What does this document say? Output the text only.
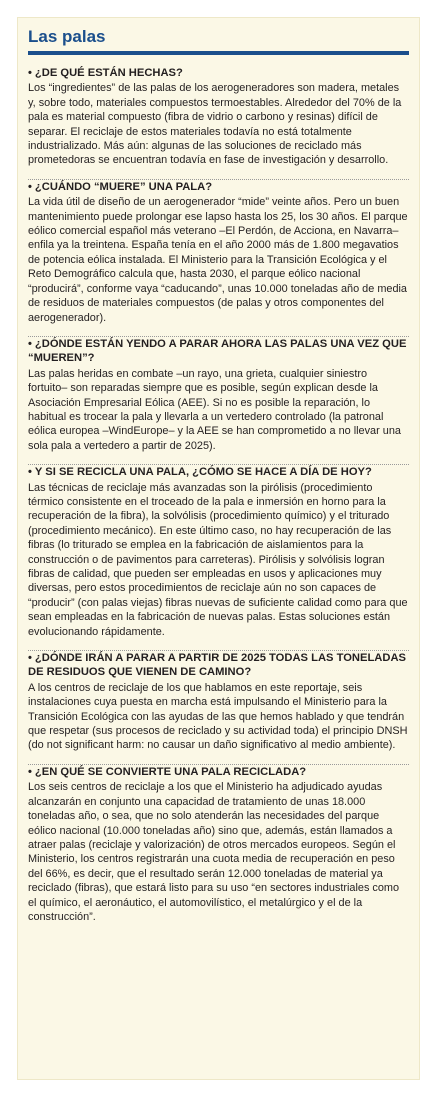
Las palas
• ¿DE QUÉ ESTÁN HECHAS?
Los “ingredientes” de las palas de los aerogeneradores son madera, metales y, sobre todo, materiales compuestos termoestables. Alrededor del 70% de la pala es material compuesto (fibra de vidrio o carbono y resinas) difícil de separar. El reciclaje de estos materiales todavía no está totalmente industrializado. Más aún: algunas de las soluciones de reciclado más prometedoras se encuentran todavía en fase de investigación y desarrollo.
• ¿CUÁNDO “MUERE” UNA PALA?
La vida útil de diseño de un aerogenerador “mide” veinte años. Pero un buen mantenimiento puede prolongar ese lapso hasta los 25, los 30 años. El parque eólico comercial español más veterano –El Perdón, de Acciona, en Navarra– enfila ya la treintena. España tenía en el año 2000 más de 1.800 megavatios de potencia eólica instalada. El Ministerio para la Transición Ecológica y el Reto Demográfico calcula que, hasta 2030, el parque eólico nacional “producirá”, conforme vaya “caducando”, unas 10.000 toneladas año de media de residuos de materiales compuestos (de palas y otros componentes del aerogenerador).
• ¿DÓNDE ESTÁN YENDO A PARAR AHORA LAS PALAS UNA VEZ QUE “MUEREN”?
Las palas heridas en combate –un rayo, una grieta, cualquier siniestro fortuito– son reparadas siempre que es posible, según explican desde la Asociación Empresarial Eólica (AEE). Si no es posible la reparación, lo habitual es trocear la pala y llevarla a un vertedero controlado (la patronal eólica europea –WindEurope– y la AEE se han comprometido a no llevar una sola pala a vertedero a partir de 2025).
• Y SI SE RECICLA UNA PALA, ¿CÓMO SE HACE A DÍA DE HOY?
Las técnicas de reciclaje más avanzadas son la pirólisis (procedimiento térmico consistente en el troceado de la pala e inmersión en horno para la recuperación de la fibra), la solvólisis (procedimiento químico) y el triturado (procedimiento mecánico). En este último caso, no hay recuperación de las fibras (lo triturado se emplea en la fabricación de aislamientos para la construcción o de pavimentos para carreteras). Pirólisis y solvólisis logran fibras de calidad, que pueden ser empleadas en usos y aplicaciones muy diversas, pero estos procedimientos de reciclaje aún no son capaces de “producir” (con palas viejas) fibras nuevas de suficiente calidad como para que sean empleadas en la fabricación de nuevas palas. Estas soluciones están evolucionando rápidamente.
• ¿DÓNDE IRÁN A PARAR A PARTIR DE 2025 TODAS LAS TONELADAS DE RESIDUOS QUE VIENEN DE CAMINO?
A los centros de reciclaje de los que hablamos en este reportaje, seis instalaciones cuya puesta en marcha está impulsando el Ministerio para la Transición Ecológica con las ayudas de las que hemos hablado y que tendrán que respetar (sus procesos de reciclado y su actividad toda) el principio DNSH (do not significant harm: no causar un daño significativo al medio ambiente).
• ¿EN QUÉ SE CONVIERTE UNA PALA RECICLADA?
Los seis centros de reciclaje a los que el Ministerio ha adjudicado ayudas alcanzarán en conjunto una capacidad de tratamiento de unas 18.000 toneladas año, o sea, que no solo atenderán las necesidades del parque eólico nacional (10.000 toneladas año) sino que, además, están llamados a atraer palas (reciclaje y valorización) de otros mercados europeos. Según el Ministerio, los centros registrarán una cuota media de recuperación en peso del 66%, es decir, que el resultado serán 12.000 toneladas de material ya reciclado (fibras), que estará listo para su uso “en sectores industriales como el químico, el aeronáutico, el automovilístico, el metalúrgico y el de la construcción”.
